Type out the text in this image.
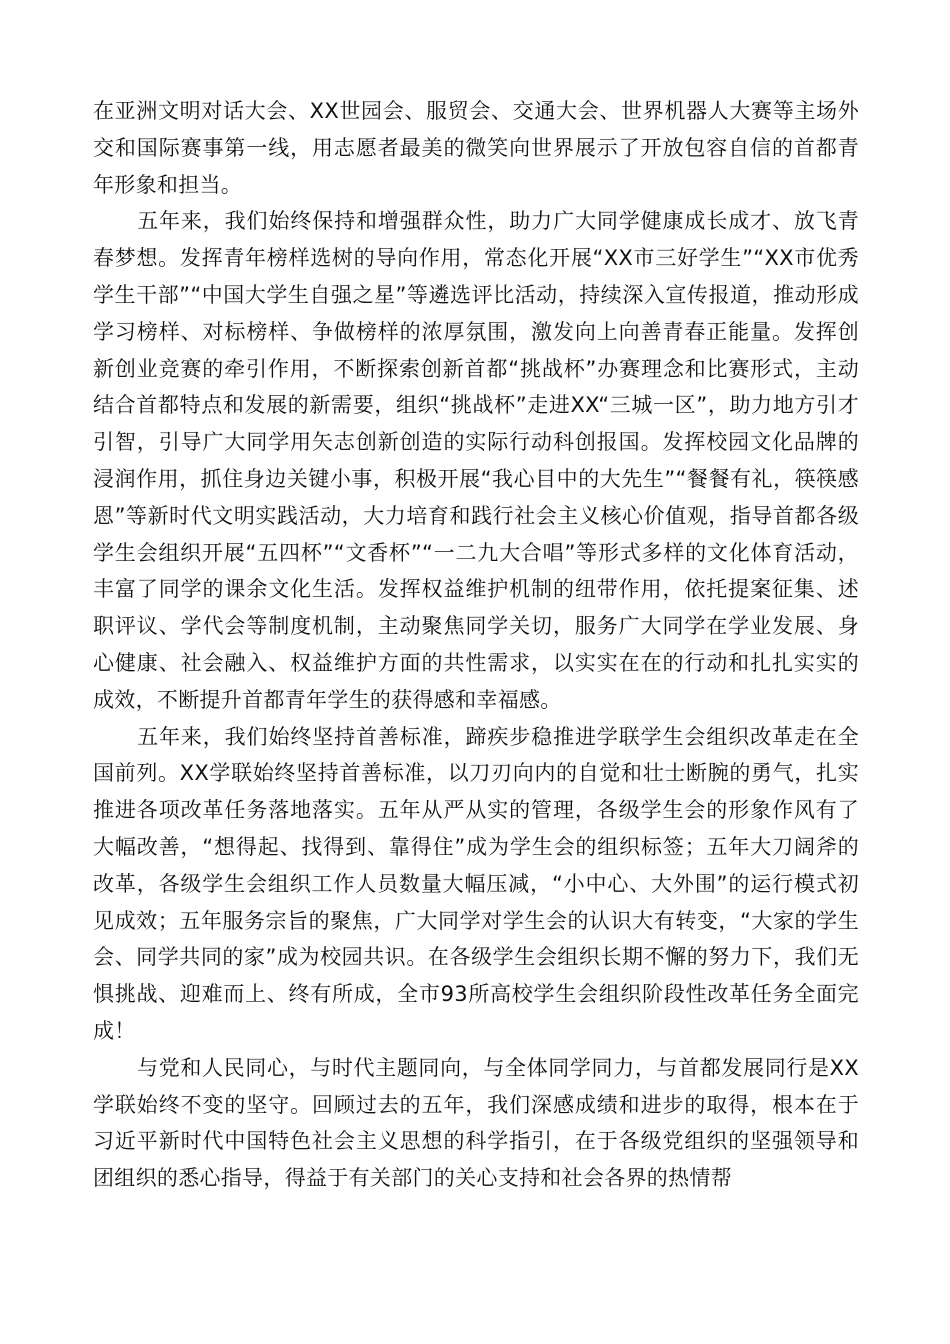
在亚洲文明对话大会、XX世园会、服贸会、交通大会、世界机器人大赛等主场外交和国际赛事第一线，用志愿者最美的微笑向世界展示了开放包容自信的首都青年形象和担当。

五年来，我们始终保持和增强群众性，助力广大同学健康成长成才、放飞青春梦想。发挥青年榜样选树的导向作用，常态化开展“XX市三好学生”“XX市优秀学生干部”“中国大学生自强之星”等遴选评比活动，持续深入宣传报道，推动形成学习榜样、对标榜样、争做榜样的浓厚氛围，激发向上向善青春正能量。发挥创新创业竞赛的牵引作用，不断探索创新首都“挑战杯”办赛理念和比赛形式，主动结合首都特点和发展的新需要，组织“挑战杯”走进XX“三城一区”，助力地方引才引智，引导广大同学用矢志创新创造的实际行动科创报国。发挥校园文化品牌的浸润作用，抓住身边关键小事，积极开展“我心目中的大先生”“餐餐有礼，筷筷感恩”等新时代文明实践活动，大力培育和践行社会主义核心价值观，指导首都各级学生会组织开展“五四杯”“文香杯”“一二九大合唱”等形式多样的文化体育活动，丰富了同学的课余文化生活。发挥权益维护机制的纽带作用，依托提案征集、述职评议、学代会等制度机制，主动聚焦同学关切，服务广大同学在学业发展、身心健康、社会融入、权益维护方面的共性需求，以实实在在的行动和扎扎实实的成效，不断提升首都青年学生的获得感和幸福感。

五年来，我们始终坚持首善标准，蹄疾步稳推进学联学生会组织改革走在全国前列。XX学联始终坚持首善标准，以刀刃向内的自觉和壮士断腕的勇气，扎实推进各项改革任务落地落实。五年从严从实的管理，各级学生会的形象作风有了大幅改善，“想得起、找得到、靠得住”成为学生会的组织标签；五年大刀阔斧的改革，各级学生会组织工作人员数量大幅压减，“小中心、大外围”的运行模式初见成效；五年服务宗旨的聚焦，广大同学对学生会的认识大有转变，“大家的学生会、同学共同的家”成为校园共识。在各级学生会组织长期不懈的努力下，我们无惧挑战、迎难而上、终有所成，全市93所高校学生会组织阶段性改革任务全面完成！

与党和人民同心，与时代主题同向，与全体同学同力，与首都发展同行是XX学联始终不变的坚守。回顾过去的五年，我们深感成绩和进步的取得，根本在于习近平新时代中国特色社会主义思想的科学指引，在于各级党组织的坚强领导和团组织的悉心指导，得益于有关部门的关心支持和社会各界的热情帮
